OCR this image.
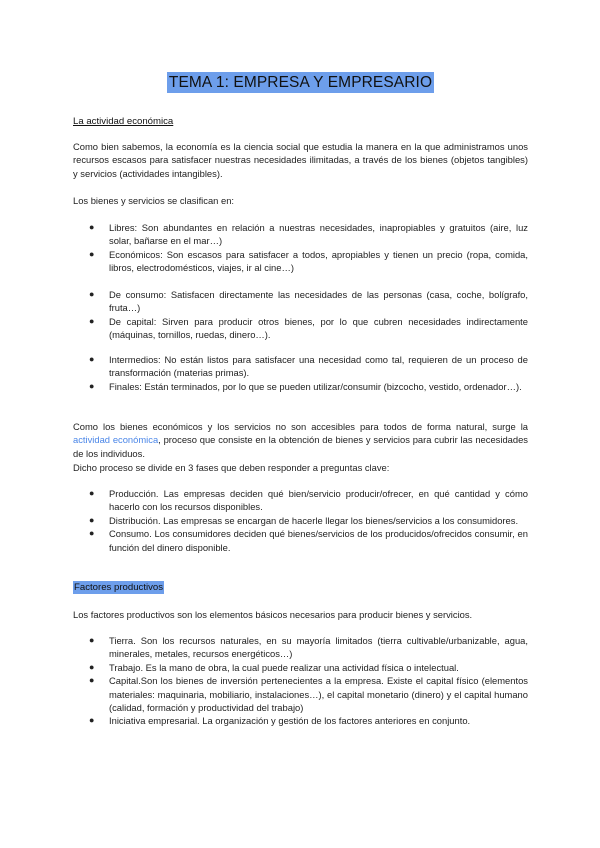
TEMA 1: EMPRESA Y EMPRESARIO
La actividad económica

Como bien sabemos, la economía es la ciencia social que estudia la manera en la que administramos unos recursos escasos para satisfacer nuestras necesidades ilimitadas, a través de los bienes (objetos tangibles) y servicios (actividades intangibles).

Los bienes y servicios se clasifican en:

● Libres: Son abundantes en relación a nuestras necesidades, inapropiables y gratuitos (aire, luz solar, bañarse en el mar…)
● Económicos: Son escasos para satisfacer a todos, apropiables y tienen un precio (ropa, comida, libros, electrodomésticos, viajes, ir al cine…)
● De consumo: Satisfacen directamente las necesidades de las personas (casa, coche, bolígrafo, fruta…)
● De capital: Sirven para producir otros bienes, por lo que cubren necesidades indirectamente (máquinas, tornillos, ruedas, dinero…).
● Intermedios: No están listos para satisfacer una necesidad como tal, requieren de un proceso de transformación (materias primas).
● Finales: Están terminados, por lo que se pueden utilizar/consumir (bizcocho, vestido, ordenador…).

Como los bienes económicos y los servicios no son accesibles para todos de forma natural, surge la actividad económica, proceso que consiste en la obtención de bienes y servicios para cubrir las necesidades de los individuos.

Dicho proceso se divide en 3 fases que deben responder a preguntas clave:

● Producción. Las empresas deciden qué bien/servicio producir/ofrecer, en qué cantidad y cómo hacerlo con los recursos disponibles.
● Distribución. Las empresas se encargan de hacerle llegar los bienes/servicios a los consumidores.
● Consumo. Los consumidores deciden qué bienes/servicios de los producidos/ofrecidos consumir, en función del dinero disponible.
Factores productivos

Los factores productivos son los elementos básicos necesarios para producir bienes y servicios.

● Tierra. Son los recursos naturales, en su mayoría limitados (tierra cultivable/urbanizable, agua, minerales, metales, recursos energéticos…)
● Trabajo. Es la mano de obra, la cual puede realizar una actividad física o intelectual.
● Capital.Son los bienes de inversión pertenecientes a la empresa. Existe el capital físico (elementos materiales: maquinaria, mobiliario, instalaciones…), el capital monetario (dinero) y el capital humano (calidad, formación y productividad del trabajo)
● Iniciativa empresarial. La organización y gestión de los factores anteriores en conjunto.
